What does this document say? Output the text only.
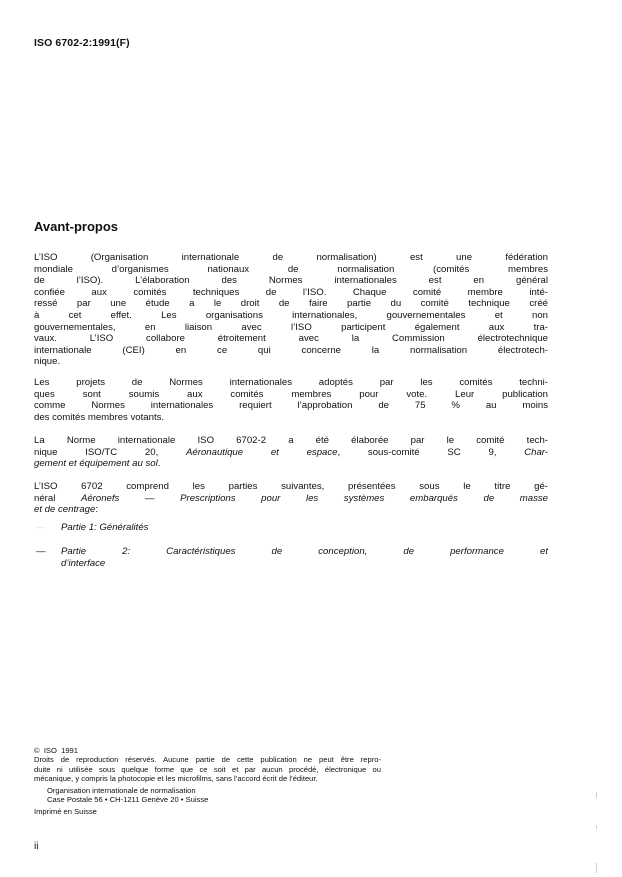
ISO 6702-2:1991(F)
Avant-propos
L’ISO (Organisation internationale de normalisation) est une fédération
mondiale d’organismes nationaux de normalisation (comités membres
de l’ISO). L’élaboration des Normes internationales est en général
confiée aux comités techniques de l’ISO. Chaque comité membre inté-
ressé par une étude a le droit de faire partie du comité technique créé
à cet effet. Les organisations internationales, gouvernementales et non
gouvernementales, en liaison avec l’ISO participent également aux tra-
vaux. L’ISO collabore étroitement avec la Commission électrotechnique
internationale (CEI) en ce qui concerne la normalisation électrotech-
nique.
Les projets de Normes internationales adoptés par les comités techni-
ques sont soumis aux comités membres pour vote. Leur publication
comme Normes internationales requiert l’approbation de 75 % au moins
des comités membres votants.
La Norme internationale ISO 6702-2 a été élaborée par le comité tech-
nique ISO/TC 20, Aéronautique et espace, sous-comité SC 9, Char-
gement et équipement au sol.
L’ISO 6702 comprend les parties suivantes, présentées sous le titre gé-
néral Aéronefs — Prescriptions pour les systèmes embarqués de masse
et de centrage:
— Partie 1: Généralités
— Partie 2: Caractéristiques de conception, de performance et
d’interface
©  ISO  1991
Droits de reproduction réservés. Aucune partie de cette publication ne peut être repro-
duite ni utilisée sous quelque forme que ce soit et par aucun procédé, électronique ou
mécanique, y compris la photocopie et les microfilms, sans l’accord écrit de l’éditeur.
Organisation internationale de normalisation
Case Postale 56 • CH-1211 Genève 20 • Suisse
Imprimé en Suisse
ii
